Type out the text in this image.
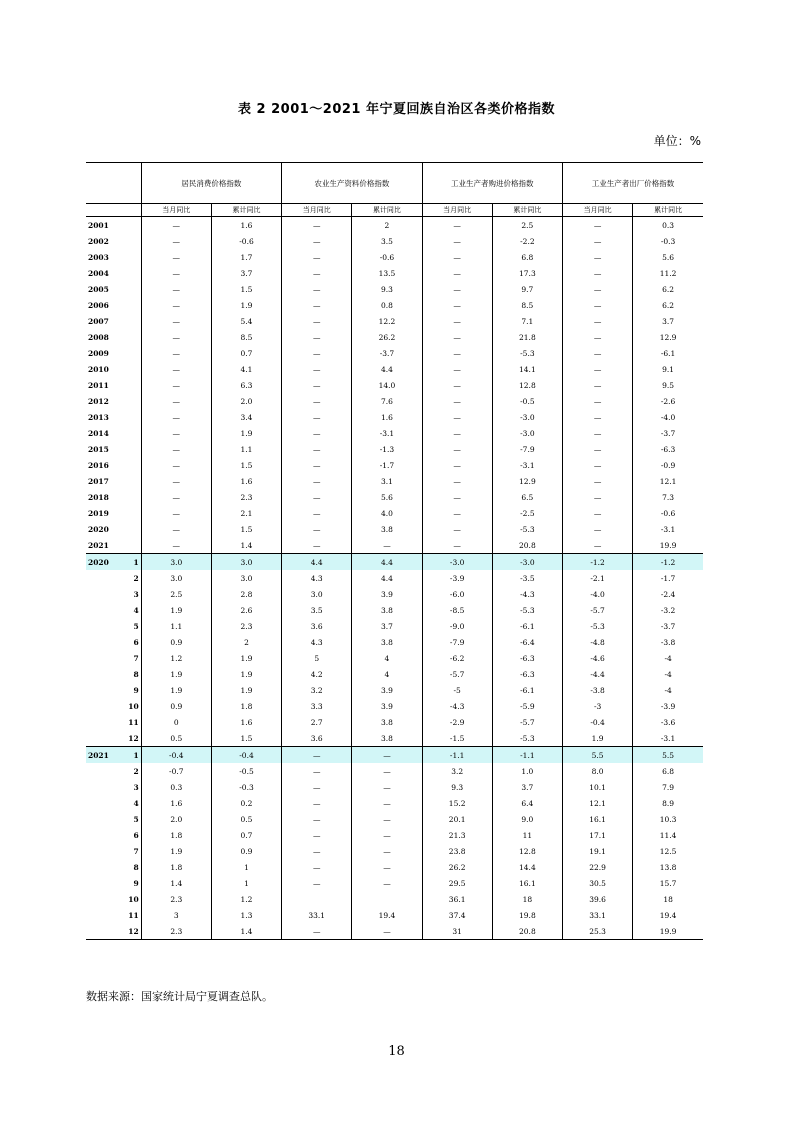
表 2 2001～2021 年宁夏回族自治区各类价格指数
单位：%
		居民消费价格指数		农业生产资料价格指数		工业生产者购进价格指数		工业生产者出厂价格指数	
		当月同比	累计同比	当月同比	累计同比	当月同比	累计同比	当月同比	累计同比
2001		—	1.6	—	2	—	2.5	—	0.3
2002		—	-0.6	—	3.5	—	-2.2	—	-0.3
2003		—	1.7	—	-0.6	—	6.8	—	5.6
2004		—	3.7	—	13.5	—	17.3	—	11.2
2005		—	1.5	—	9.3	—	9.7	—	6.2
2006		—	1.9	—	0.8	—	8.5	—	6.2
2007		—	5.4	—	12.2	—	7.1	—	3.7
2008		—	8.5	—	26.2	—	21.8	—	12.9
2009		—	0.7	—	-3.7	—	-5.3	—	-6.1
2010		—	4.1	—	4.4	—	14.1	—	9.1
2011		—	6.3	—	14.0	—	12.8	—	9.5
2012		—	2.0	—	7.6	—	-0.5	—	-2.6
2013		—	3.4	—	1.6	—	-3.0	—	-4.0
2014		—	1.9	—	-3.1	—	-3.0	—	-3.7
2015		—	1.1	—	-1.3	—	-7.9	—	-6.3
2016		—	1.5	—	-1.7	—	-3.1	—	-0.9
2017		—	1.6	—	3.1	—	12.9	—	12.1
2018		—	2.3	—	5.6	—	6.5	—	7.3
2019		—	2.1	—	4.0	—	-2.5	—	-0.6
2020		—	1.5	—	3.8	—	-5.3	—	-3.1
2021		—	1.4	—	—	—	20.8	—	19.9
2020	1	3.0	3.0	4.4	4.4	-3.0	-3.0	-1.2	-1.2
	2	3.0	3.0	4.3	4.4	-3.9	-3.5	-2.1	-1.7
	3	2.5	2.8	3.0	3.9	-6.0	-4.3	-4.0	-2.4
	4	1.9	2.6	3.5	3.8	-8.5	-5.3	-5.7	-3.2
	5	1.1	2.3	3.6	3.7	-9.0	-6.1	-5.3	-3.7
	6	0.9	2	4.3	3.8	-7.9	-6.4	-4.8	-3.8
	7	1.2	1.9	5	4	-6.2	-6.3	-4.6	-4
	8	1.9	1.9	4.2	4	-5.7	-6.3	-4.4	-4
	9	1.9	1.9	3.2	3.9	-5	-6.1	-3.8	-4
	10	0.9	1.8	3.3	3.9	-4.3	-5.9	-3	-3.9
	11	0	1.6	2.7	3.8	-2.9	-5.7	-0.4	-3.6
	12	0.5	1.5	3.6	3.8	-1.5	-5.3	1.9	-3.1
2021	1	-0.4	-0.4	—	—	-1.1	-1.1	5.5	5.5
	2	-0.7	-0.5	—	—	3.2	1.0	8.0	6.8
	3	0.3	-0.3	—	—	9.3	3.7	10.1	7.9
	4	1.6	0.2	—	—	15.2	6.4	12.1	8.9
	5	2.0	0.5	—	—	20.1	9.0	16.1	10.3
	6	1.8	0.7	—	—	21.3	11	17.1	11.4
	7	1.9	0.9	—	—	23.8	12.8	19.1	12.5
	8	1.8	1	—	—	26.2	14.4	22.9	13.8
	9	1.4	1	—	—	29.5	16.1	30.5	15.7
	10	2.3	1.2			36.1	18	39.6	18
	11	3	1.3	33.1	19.4	37.4	19.8	33.1	19.4
	12	2.3	1.4	—	—	31	20.8	25.3	19.9
数据来源：国家统计局宁夏调查总队。
18
